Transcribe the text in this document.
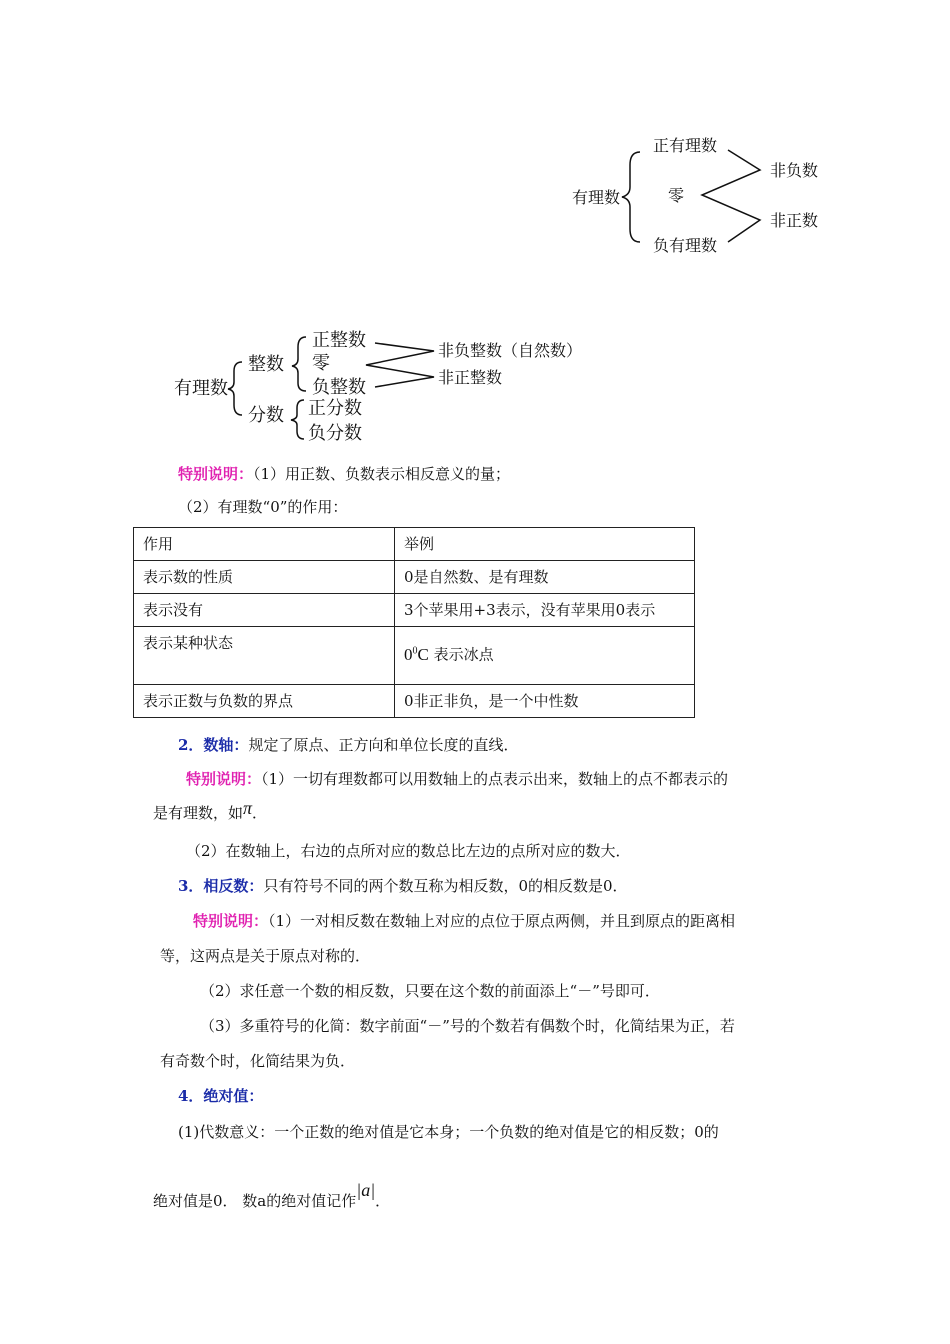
有理数
正有理数
零
负有理数
非负数
非正数
有理数
整数
分数
正整数
零
负整数
正分数
负分数
非负整数（自然数）
非正整数
特别说明：（1）用正数、负数表示相反意义的量；
（2）有理数“0”的作用：
作用	举例
表示数的性质	0是自然数、是有理数
表示没有	3个苹果用+3表示，没有苹果用0表示
表示某种状态	$0^0C$ 表示冰点
表示正数与负数的界点	0非正非负，是一个中性数
2．数轴：规定了原点、正方向和单位长度的直线．
特别说明：（1）一切有理数都可以用数轴上的点表示出来，数轴上的点不都表示的
是有理数，如π．
（2）在数轴上，右边的点所对应的数总比左边的点所对应的数大．
3．相反数：只有符号不同的两个数互称为相反数，0的相反数是0．
特别说明：（1）一对相反数在数轴上对应的点位于原点两侧，并且到原点的距离相
等，这两点是关于原点对称的．
（2）求任意一个数的相反数，只要在这个数的前面添上“－”号即可．
（3）多重符号的化简：数字前面“－”号的个数若有偶数个时，化简结果为正，若
有奇数个时，化简结果为负．
4．绝对值：
(1)代数意义：一个正数的绝对值是它本身；一个负数的绝对值是它的相反数；0的
绝对值是0． 数a的绝对值记作|a|．
